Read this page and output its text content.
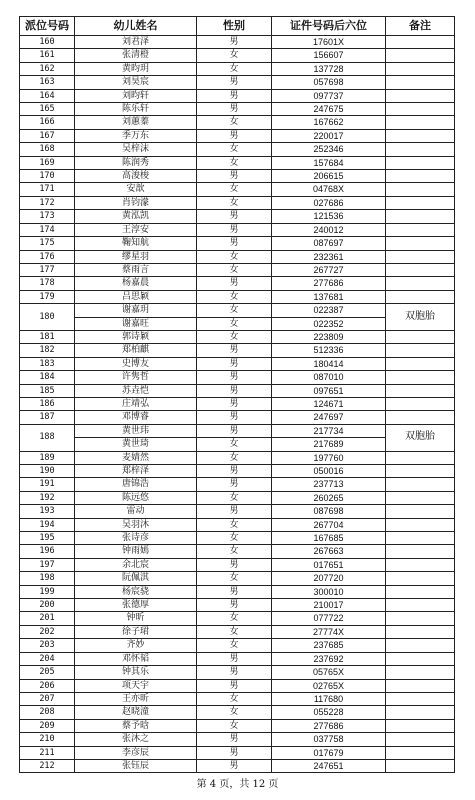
派位号码	幼儿姓名	性别	证件号码后六位	备注
160	刘君泽	男	17601X	
161	张清橙	女	156607	
162	黄昀玥	女	137728	
163	刘昊宸	男	057698	
164	刘昀轩	男	097737	
165	陈乐轩	男	247675	
166	刘蕙蓁	女	167662	
167	季万东	男	220017	
168	吴梓沫	女	252346	
169	陈润秀	女	157684	
170	高浚梭	男	206615	
171	安歆	女	04768X	
172	肖钧濛	女	027686	
173	黄泓凯	男	121536	
174	王淳安	男	240012	
175	鞠知航	男	087697	
176	缪星羽	女	232361	
177	蔡雨言	女	267727	
178	杨嘉晨	男	277686	
179	吕思颖	女	137681	
180	谢嘉玥	女	022387	双胞胎
	谢嘉旺	女	022352	
181	郭诗颖	女	223809	
182	郑柏麒	男	512336	
183	史博友	男	180414	
184	许隽哲	男	087010	
185	苏垚恺	男	097651	
186	庄靖弘	男	124671	
187	邓博睿	男	247697	
188	黄世玮	男	217734	双胞胎
	黄世琦	女	217689	
189	麦婧然	女	197760	
190	郑梓泽	男	050016	
191	唐锦浩	男	237713	
192	陈远悠	女	260265	
193	雷动	男	087698	
194	吴羽沐	女	267704	
195	张诗彦	女	167685	
196	钟雨嫣	女	267663	
197	余北宸	男	017651	
198	阮佩淇	女	207720	
199	杨宸骁	男	300010	
200	张德厚	男	210017	
201	钟昕	女	077722	
202	徐子珺	女	27774X	
203	齐妙	女	237685	
204	邓怀韬	男	237692	
205	钟其乐	男	05765X	
206	项天宇	男	02765X	
207	王亦昕	女	117680	
208	赵晓潼	女	055228	
209	蔡予晗	女	277686	
210	张沐之	男	037758	
211	李彦辰	男	017679	
212	张钰辰	男	247651	
第 4 页，共 12 页
